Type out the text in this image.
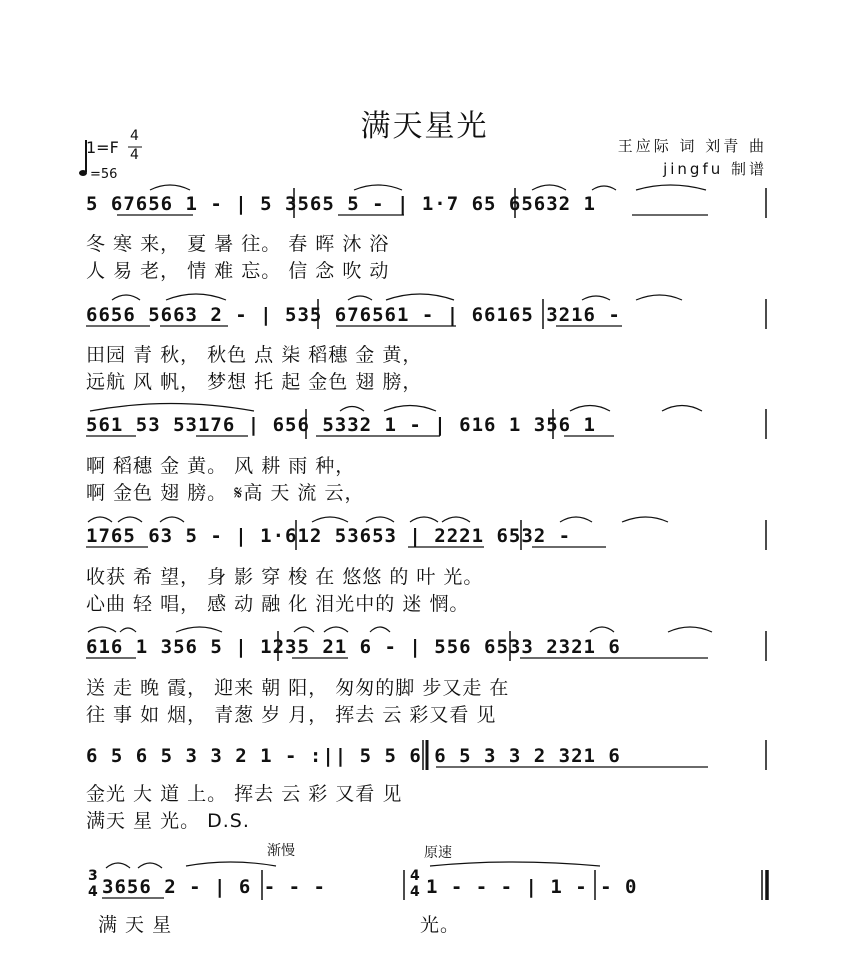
满天星光
王应际 词 刘青 曲
jingfu 制谱
1=F
4
4
=56
5 67656 1 - | 5 3565 5 - | 1·7 65 65632 1
冬 寒 来， 夏 暑 往。 春 晖 沐 浴
人 易 老， 情 难 忘。 信 念 吹 动
6656 5663 2 - | 535 676561 - | 66165 3216 -
田园 青 秋， 秋色 点 柒 稻穗 金 黄，
远航 风 帆， 梦想 托 起 金色 翅 膀，
561 53 53176 | 656 5332 1 - | 616 1 356 1
啊 稻穗 金 黄。 风 耕 雨 种，
啊 金色 翅 膀。 𝄋高 天 流 云，
1765 63 5 - | 1·612 53653 | 2221 6532 -
收获 希 望， 身 影 穿 梭 在 悠悠 的 叶 光。
心曲 轻 唱， 感 动 融 化 泪光中的 迷 惘。
616 1 356 5 | 1235 21 6 - | 556 6533 2321 6
送 走 晚 霞， 迎来 朝 阳， 匆匆的脚 步又走 在
往 事 如 烟， 青葱 岁 月， 挥去 云 彩又看 见
6 5 6 5 3 3 2 1 - :|| 5 5 6 6 5 3 3 2 321 6
金光 大 道 上。 挥去 云 彩 又看 见
满天 星 光。 D.S.
渐慢	原速
3
4 3656 2 - | 6 - - -	4
4 1 - - - | 1 - - 0
满 天 星	光。
